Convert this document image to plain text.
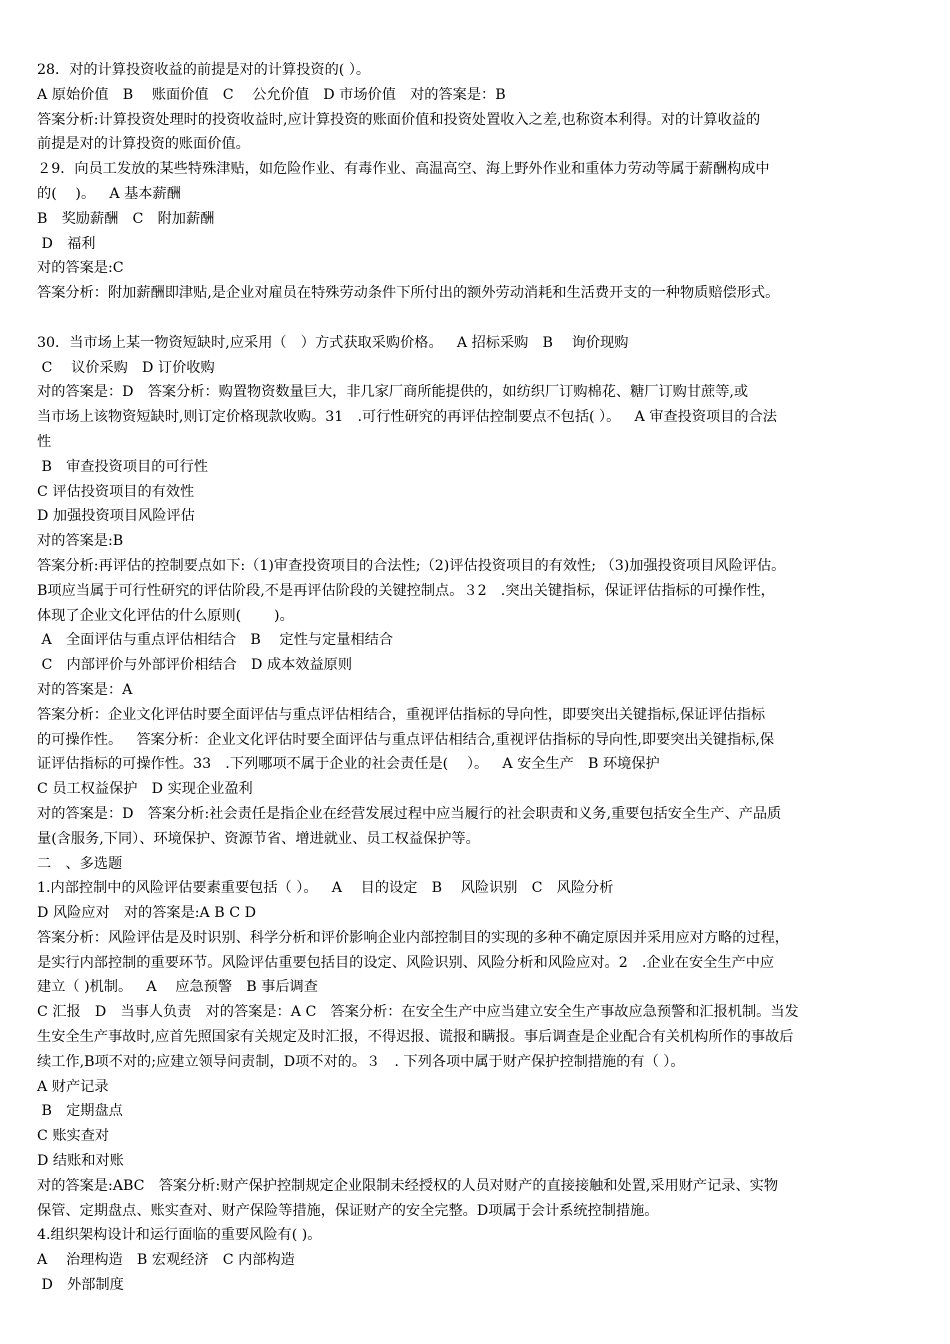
28．对的计算投资收益的前提是对的计算投资的( ）。
A 原始价值 B　 账面价值 C　 公允价值 D 市场价值 对的答案是：B
答案分析:计算投资处理时的投资收益时,应计算投资的账面价值和投资处置收入之差,也称资本利得。对的计算收益的
前提是对的计算投资的账面价值。
２9．向员工发放的某些特殊津贴，如危险作业、有毒作业、高温高空、海上野外作业和重体力劳动等属于薪酬构成中
的(　 )。 A 基本薪酬
B　奖励薪酬 C　附加薪酬
D　福利
对的答案是:C
答案分析：附加薪酬即津贴,是企业对雇员在特殊劳动条件下所付出的额外劳动消耗和生活费开支的一种物质赔偿形式。
30．当市场上某一物资短缺时,应采用（　）方式获取采购价格。 A 招标采购 B　 询价现购
C　 议价采购 D 订价收购
对的答案是：D 答案分析：购置物资数量巨大，非几家厂商所能提供的，如纺织厂订购棉花、糖厂订购甘蔗等,或
当市场上该物资短缺时,则订定价格现款收购。31 .可行性研究的再评估控制要点不包括( ）。 A 审查投资项目的合法
性
B　审查投资项目的可行性
C 评估投资项目的有效性
D 加强投资项目风险评估
对的答案是:B
答案分析:再评估的控制要点如下:（1)审查投资项目的合法性;（2)评估投资项目的有效性; （3)加强投资项目风险评估。
B项应当属于可行性研究的评估阶段,不是再评估阶段的关键控制点。３2 .突出关键指标，保证评估指标的可操作性，
体现了企业文化评估的什么原则(　　 )。
A　全面评估与重点评估相结合 B　 定性与定量相结合
C　内部评价与外部评价相结合 D 成本效益原则
对的答案是：A
答案分析：企业文化评估时要全面评估与重点评估相结合，重视评估指标的导向性，即要突出关键指标,保证评估指标
的可操作性。 答案分析：企业文化评估时要全面评估与重点评估相结合,重视评估指标的导向性,即要突出关键指标,保
证评估指标的可操作性。33 .下列哪项不属于企业的社会责任是(　 ）。 A 安全生产 B 环境保护
C 员工权益保护 D 实现企业盈利
对的答案是：D 答案分析:社会责任是指企业在经营发展过程中应当履行的社会职责和义务,重要包括安全生产、产品质
量(含服务,下同）、环境保护、资源节省、增进就业、员工权益保护等。
二　、多选题
1.内部控制中的风险评估要素重要包括（ ）。 A　 目的设定 B　 风险识别 C　风险分析
D 风险应对 对的答案是:A B C D
答案分析：风险评估是及时识别、科学分析和评价影响企业内部控制目的实现的多种不确定原因并采用应对方略的过程，
是实行内部控制的重要环节。风险评估重要包括目的设定、风险识别、风险分析和风险应对。2 .企业在安全生产中应
建立（ )机制。 A　 应急预警 B 事后调查
C 汇报 D　当事人负责 对的答案是：A C 答案分析：在安全生产中应当建立安全生产事故应急预警和汇报机制。当发
生安全生产事故时,应首先照国家有关规定及时汇报，不得迟报、谎报和瞒报。事后调查是企业配合有关机构所作的事故后
续工作,B项不对的;应建立领导问责制，D项不对的。３ . 下列各项中属于财产保护控制措施的有（ ）。
A 财产记录
B　定期盘点
C 账实查对
D 结账和对账
对的答案是:ABC 答案分析:财产保护控制规定企业限制未经授权的人员对财产的直接接触和处置,采用财产记录、实物
保管、定期盘点、账实查对、财产保险等措施，保证财产的安全完整。D项属于会计系统控制措施。
4.组织架构设计和运行面临的重要风险有( )。
A　 治理构造 B 宏观经济 C 内部构造
D　外部制度
